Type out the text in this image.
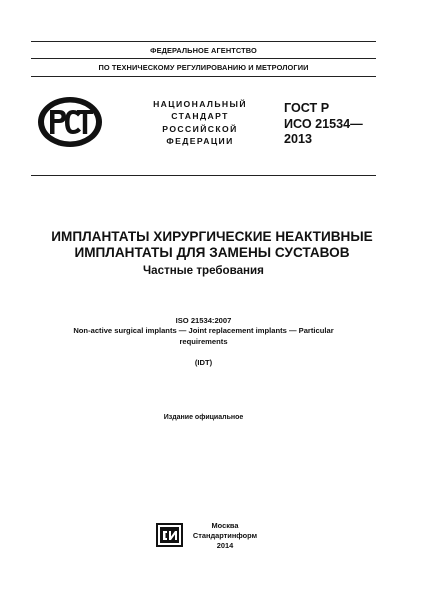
ФЕДЕРАЛЬНОЕ АГЕНТСТВО
ПО ТЕХНИЧЕСКОМУ РЕГУЛИРОВАНИЮ И МЕТРОЛОГИИ
НАЦИОНАЛЬНЫЙ
СТАНДАРТ
РОССИЙСКОЙ
ФЕДЕРАЦИИ
ГОСТ Р
ИСО 21534—
2013
ИМПЛАНТАТЫ ХИРУРГИЧЕСКИЕ НЕАКТИВНЫЕ
ИМПЛАНТАТЫ ДЛЯ ЗАМЕНЫ СУСТАВОВ
Частные требования
ISO 21534:2007
Non-active surgical implants — Joint replacement implants — Particular
requirements
(IDT)
Издание официальное
Москва
Стандартинформ
2014
